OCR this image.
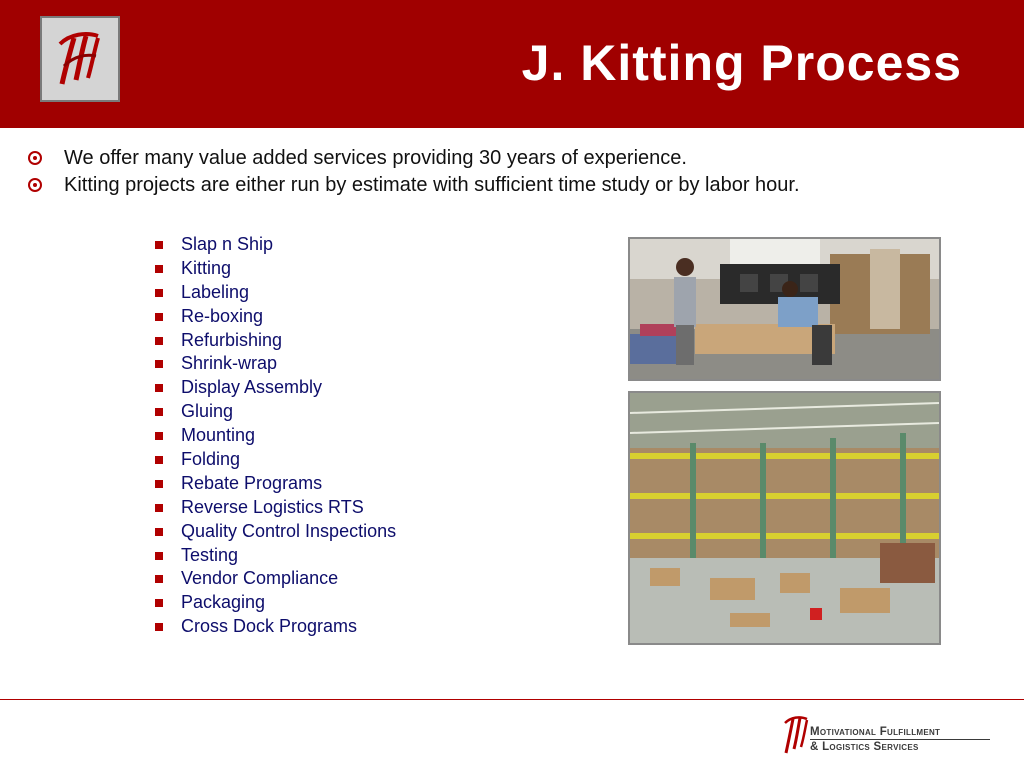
J. Kitting Process
We offer many value added services providing 30 years of experience.
Kitting projects are either run by estimate with sufficient time study or by labor hour.
Slap n Ship
Kitting
Labeling
Re-boxing
Refurbishing
Shrink-wrap
Display Assembly
Gluing
Mounting
Folding
Rebate Programs
Reverse Logistics RTS
Quality Control Inspections
Testing
Vendor Compliance
Packaging
Cross Dock Programs
Motivational Fulfillment
& Logistics Services
